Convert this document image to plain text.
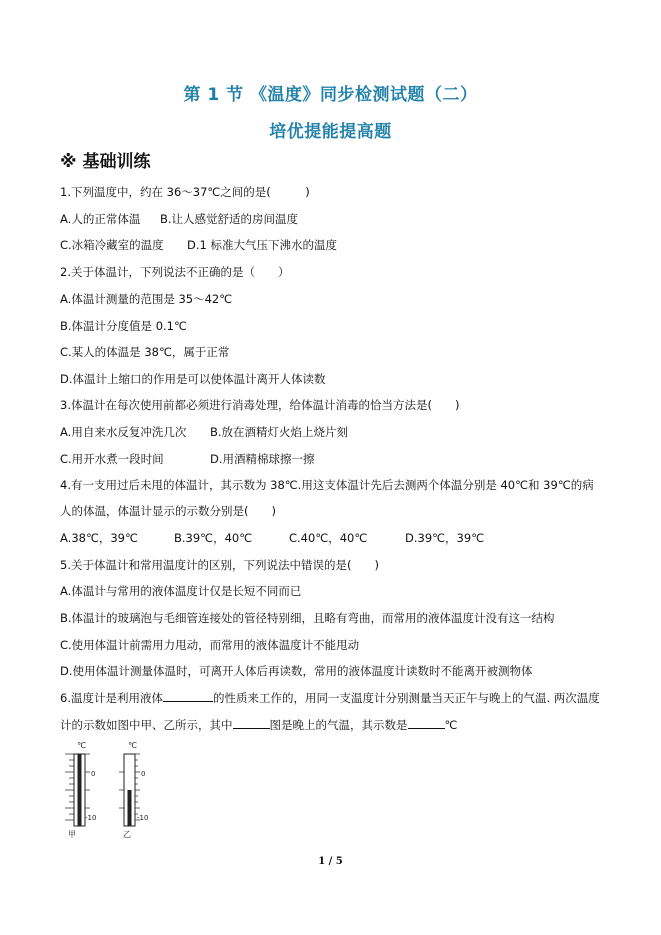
第 1 节 《温度》同步检测试题（二）
培优提能提高题
※ 基础训练
1.下列温度中，约在 36～37℃之间的是(　　　)
A.人的正常体温 B.让人感觉舒适的房间温度
C.冰箱冷藏室的温度 D.1 标准大气压下沸水的温度
2.关于体温计，下列说法不正确的是（　　）
A.体温计测量的范围是 35～42℃
B.体温计分度值是 0.1℃
C.某人的体温是 38℃，属于正常
D.体温计上缩口的作用是可以使体温计离开人体读数
3.体温计在每次使用前都必须进行消毒处理，给体温计消毒的恰当方法是(　　)
A.用自来水反复冲洗几次 B.放在酒精灯火焰上烧片刻
C.用开水煮一段时间	D.用酒精棉球擦一擦
4.有一支用过后未甩的体温计，其示数为 38℃.用这支体温计先后去测两个体温分别是 40℃和 39℃的病
人的体温，体温计显示的示数分别是(　　)
A.38℃，39℃	B.39℃，40℃	C.40℃，40℃	D.39℃，39℃
5.关于体温计和常用温度计的区别，下列说法中错误的是(　　)
A.体温计与常用的液体温度计仅是长短不同而已
B.体温计的玻璃泡与毛细管连接处的管径特别细，且略有弯曲，而常用的液体温度计没有这一结构
C.使用体温计前需用力甩动，而常用的液体温度计不能甩动
D.使用体温计测量体温时，可离开人体后再读数，常用的液体温度计读数时不能离开被测物体
6.温度计是利用液体	的性质来工作的，用同一支温度计分别测量当天正午与晚上的气温. 两次温度
计的示数如图中甲、乙所示，其中	图是晚上的气温，其示数是	℃
℃
甲
℃
0
-10
0
-10
乙
1 / 5
